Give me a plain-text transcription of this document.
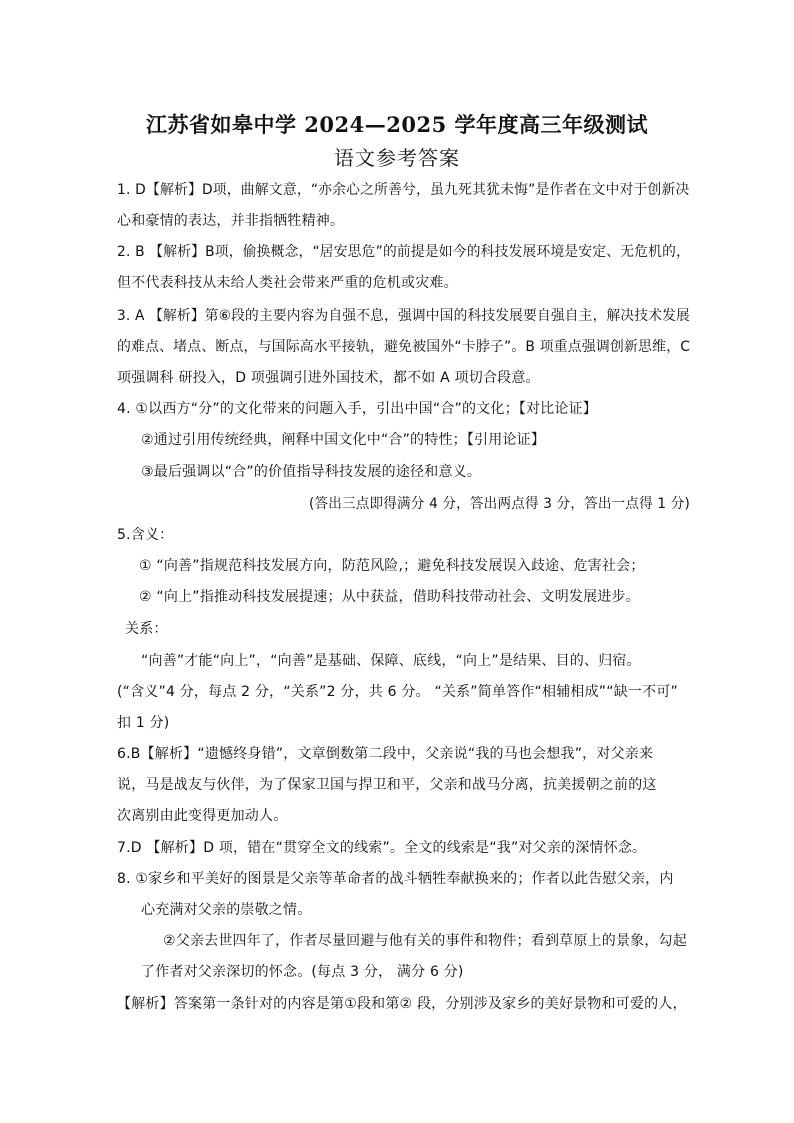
江苏省如皋中学 2024—2025 学年度高三年级测试
语文参考答案
1. D【解析】D项，曲解文意，“亦余心之所善兮，虽九死其犹未悔”是作者在文中对于创新决
心和豪情的表达，并非指牺牲精神。
2. B 【解析】B项，偷换概念，“居安思危”的前提是如今的科技发展环境是安定、无危机的，
但不代表科技从未给人类社会带来严重的危机或灾难。
3. A 【解析】第⑥段的主要内容为自强不息，强调中国的科技发展要自强自主，解决技术发展
的难点、堵点、断点，与国际高水平接轨，避免被国外“卡脖子”。B 项重点强调创新思维，C
项强调科 研投入，D 项强调引进外国技术，都不如 A 项切合段意。
4. ①以西方“分”的文化带来的问题入手，引出中国“合”的文化；【对比论证】
②通过引用传统经典，阐释中国文化中“合”的特性；【引用论证】
③最后强调以“合”的价值指导科技发展的途径和意义。
(答出三点即得满分 4 分，答出两点得 3 分，答出一点得 1 分)
5.含义：
① “向善”指规范科技发展方向，防范风险,；避免科技发展误入歧途、危害社会；
② “向上”指推动科技发展提速；从中获益，借助科技带动社会、文明发展进步。
关系：
“向善”才能“向上”，“向善”是基础、保障、底线，“向上”是结果、目的、归宿。
(“含义”4 分，每点 2 分，“关系”2 分，共 6 分。 “关系”简单答作“相辅相成”“缺一不可”
扣 1 分)
6.B【解析】“遗憾终身错”，文章倒数第二段中，父亲说“我的马也会想我”，对父亲来
说，马是战友与伙伴，为了保家卫国与捍卫和平，父亲和战马分离，抗美援朝之前的这
次离别由此变得更加动人。
7.D 【解析】D 项，错在“贯穿全文的线索”。全文的线索是“我”对父亲的深情怀念。
8. ①家乡和平美好的图景是父亲等革命者的战斗牺牲奉献换来的；作者以此告慰父亲，内
心充满对父亲的崇敬之情。
②父亲去世四年了，作者尽量回避与他有关的事件和物件；看到草原上的景象，勾起
了作者对父亲深切的怀念。(每点 3 分， 满分 6 分)
【解析】答案第一条针对的内容是第①段和第② 段，分别涉及家乡的美好景物和可爱的人，
